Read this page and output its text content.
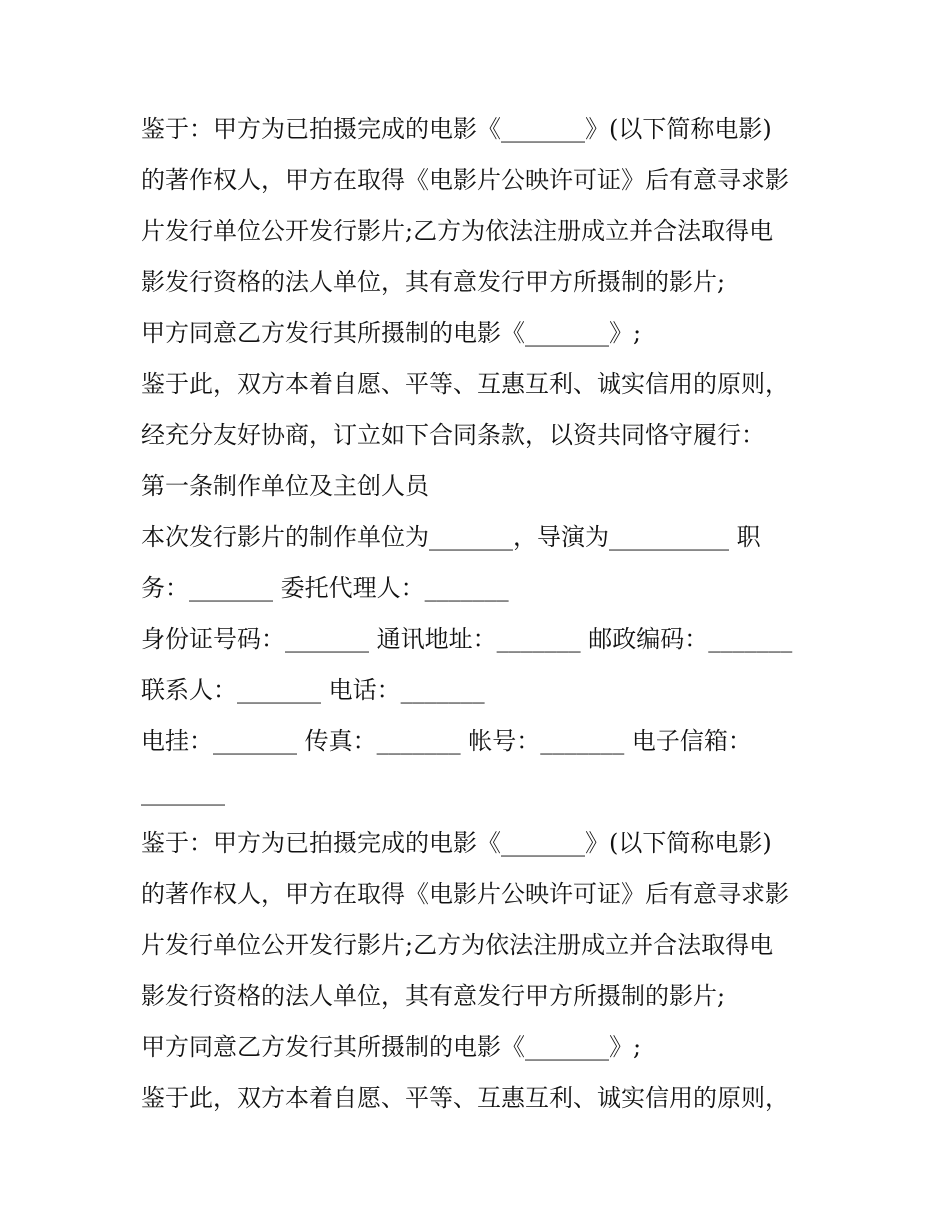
鉴于：甲方为已拍摄完成的电影《_______》(以下简称电影)
的著作权人，甲方在取得《电影片公映许可证》后有意寻求影
片发行单位公开发行影片;乙方为依法注册成立并合法取得电
影发行资格的法人单位，其有意发行甲方所摄制的影片;
甲方同意乙方发行其所摄制的电影《_______》;
鉴于此，双方本着自愿、平等、互惠互利、诚实信用的原则，
经充分友好协商，订立如下合同条款，以资共同恪守履行：
第一条制作单位及主创人员
本次发行影片的制作单位为_______，导演为__________ 职
务：_______ 委托代理人：_______
身份证号码：_______ 通讯地址：_______ 邮政编码：_______
联系人：_______ 电话：_______
电挂：_______ 传真：_______ 帐号：_______ 电子信箱：
_______
鉴于：甲方为已拍摄完成的电影《_______》(以下简称电影)
的著作权人，甲方在取得《电影片公映许可证》后有意寻求影
片发行单位公开发行影片;乙方为依法注册成立并合法取得电
影发行资格的法人单位，其有意发行甲方所摄制的影片;
甲方同意乙方发行其所摄制的电影《_______》;
鉴于此，双方本着自愿、平等、互惠互利、诚实信用的原则，
